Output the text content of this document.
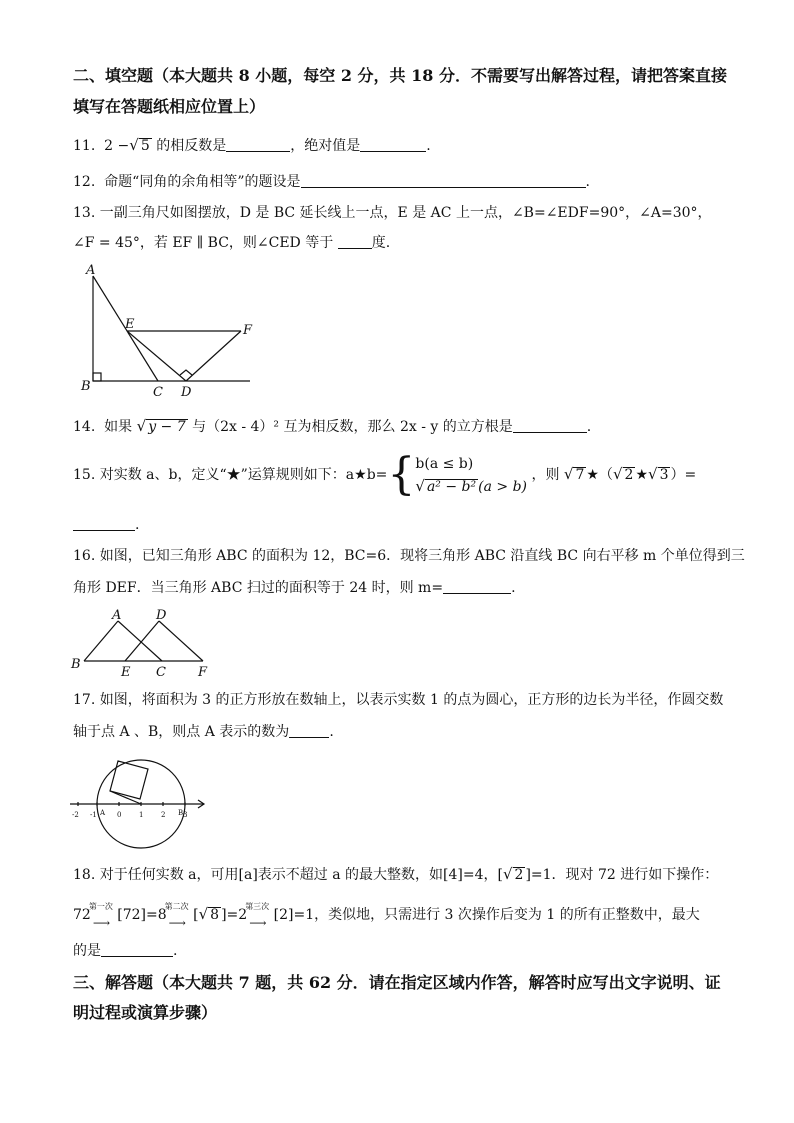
二、填空题（本大题共 8 小题，每空 2 分，共 18 分．不需要写出解答过程，请把答案直接
填写在答题纸相应位置上）
11. 2 −√ 5 的相反数是	，绝对值是	.
12. 命题“同角的余角相等”的题设是	.
13. 一副三角尺如图摆放，D 是 BC 延长线上一点，E 是 AC 上一点，∠B=∠EDF=90°，∠A=30°，
∠F = 45°，若 EF ∥ BC，则∠CED 等于	度.
A
B
E	F
C D
14. 如果 √ y − 7 与（2x - 4）² 互为相反数，那么 2x - y 的立方根是	.
15. 对实数 a、b，定义“★”运算规则如下：a★b={b(a ≤ b)
√ a² − b² (a > b) ，则 √ 7 ★（√ 2 ★√ 3 ）=
.
16. 如图，已知三角形 ABC 的面积为 12，BC=6．现将三角形 ABC 沿直线 BC 向右平移 m 个单位得到三
角形 DEF．当三角形 ABC 扫过的面积等于 24 时，则 m=	.
A	D
B
E C F
17. 如图，将面积为 3 的正方形放在数轴上，以表示实数 1 的点为圆心，正方形的边长为半径，作圆交数
轴于点 A 、B，则点 A 表示的数为	.
-2 -1 A 0	1	2 B 3
18. 对于任何实数 a，可用[a]表示不超过 a 的最大整数，如[4]=4，[√ 2 ]=1．现对 72 进行如下操作：
72
第一次
⟶ [72]=8
第二次
⟶ [√ 8 ]=2
第三次
⟶ [2]=1，类似地，只需进行 3 次操作后变为 1 的所有正整数中，最大
的是	.
三、解答题（本大题共 7 题，共 62 分．请在指定区域内作答，解答时应写出文字说明、证
明过程或演算步骤）
